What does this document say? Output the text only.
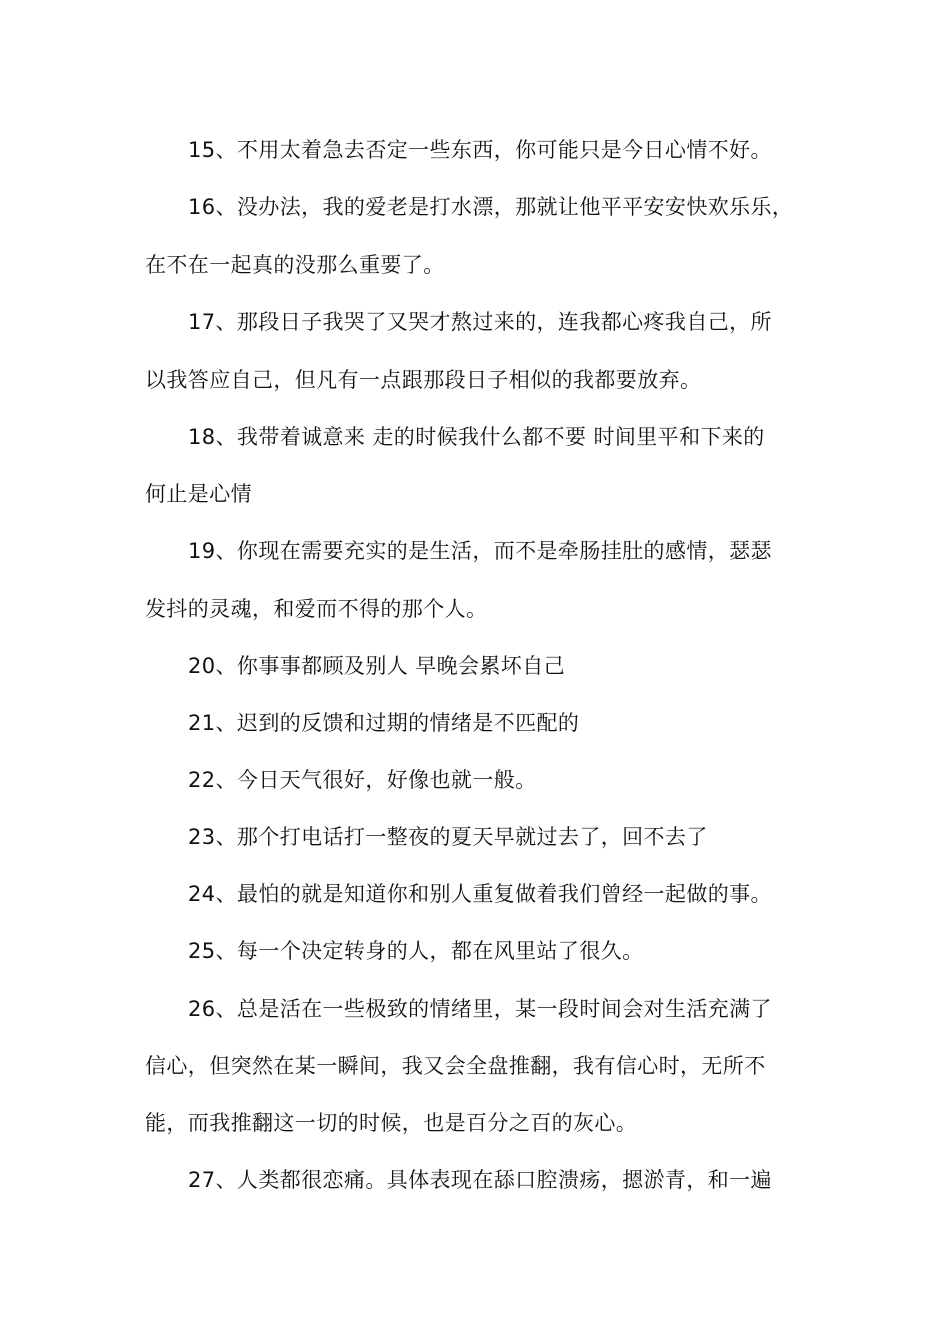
15、不用太着急去否定一些东西，你可能只是今日心情不好。
16、没办法，我的爱老是打水漂，那就让他平平安安快欢乐乐，
在不在一起真的没那么重要了。
17、那段日子我哭了又哭才熬过来的，连我都心疼我自己，所
以我答应自己，但凡有一点跟那段日子相似的我都要放弃。
18、我带着诚意来 走的时候我什么都不要 时间里平和下来的
何止是心情
19、你现在需要充实的是生活，而不是牵肠挂肚的感情，瑟瑟
发抖的灵魂，和爱而不得的那个人。
20、你事事都顾及别人 早晚会累坏自己
21、迟到的反馈和过期的情绪是不匹配的
22、今日天气很好，好像也就一般。
23、那个打电话打一整夜的夏天早就过去了，回不去了
24、最怕的就是知道你和别人重复做着我们曾经一起做的事。
25、每一个决定转身的人，都在风里站了很久。
26、总是活在一些极致的情绪里，某一段时间会对生活充满了
信心，但突然在某一瞬间，我又会全盘推翻，我有信心时，无所不
能，而我推翻这一切的时候，也是百分之百的灰心。
27、人类都很恋痛。具体表现在舔口腔溃疡，摁淤青，和一遍
